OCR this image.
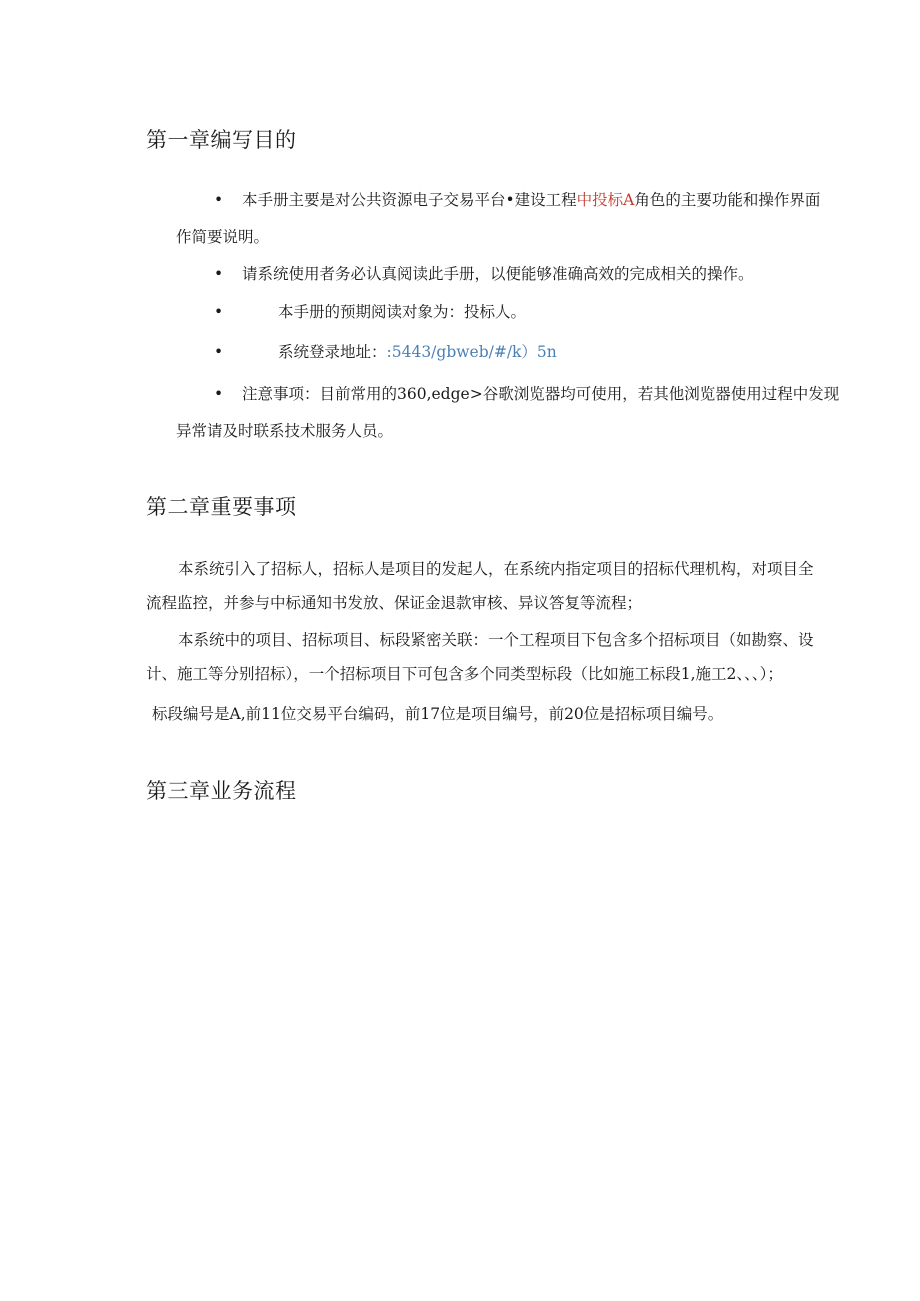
第一章编写目的
• 本手册主要是对公共资源电子交易平台•建设工程中投标A角色的主要功能和操作界面
作简要说明。
• 请系统使用者务必认真阅读此手册，以便能够准确高效的完成相关的操作。
•	本手册的预期阅读对象为：投标人。
•	系统登录地址：:5443/gbweb/#/k）5n
• 注意事项：目前常用的360,edge>谷歌浏览器均可使用，若其他浏览器使用过程中发现
异常请及时联系技术服务人员。
第二章重要事项
本系统引入了招标人，招标人是项目的发起人，在系统内指定项目的招标代理机构，对项目全
流程监控，并参与中标通知书发放、保证金退款审核、异议答复等流程；
本系统中的项目、招标项目、标段紧密关联：一个工程项目下包含多个招标项目（如勘察、设
计、施工等分别招标），一个招标项目下可包含多个同类型标段（比如施工标段1,施工2、、、）；
标段编号是A,前11位交易平台编码，前17位是项目编号，前20位是招标项目编号。
第三章业务流程
